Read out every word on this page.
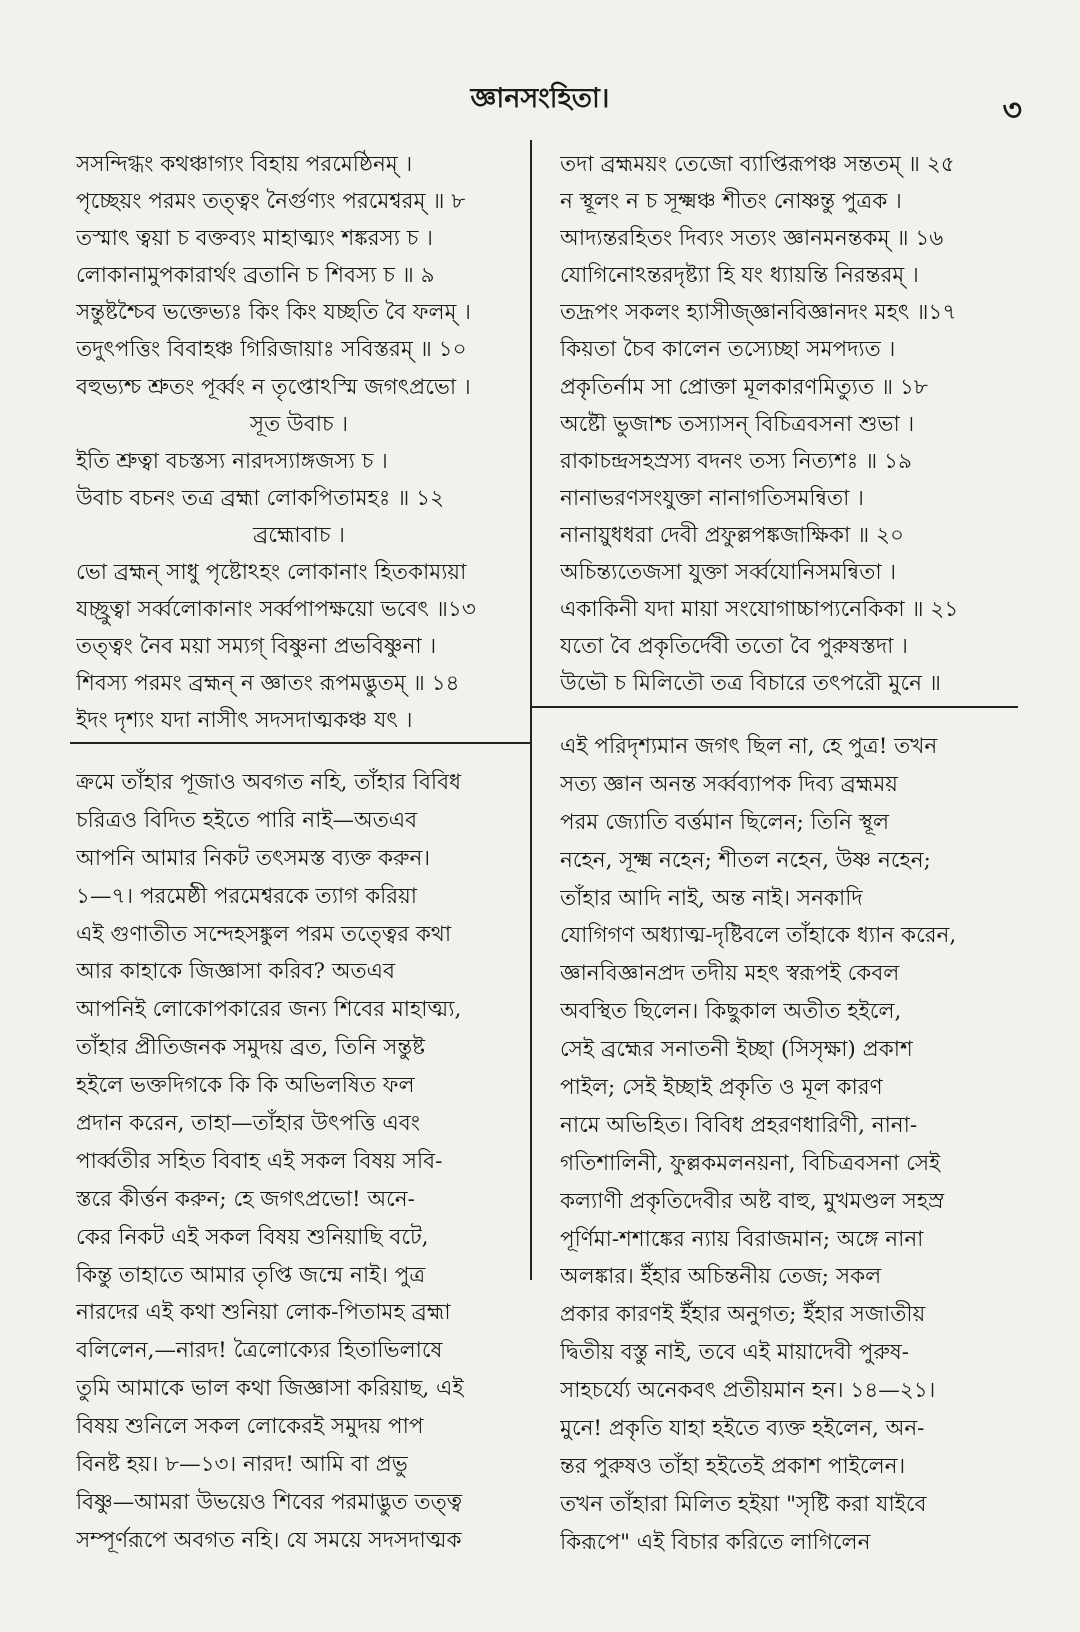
জ্ঞানসংহিতা।	৩
সসন্দিগ্ধং কথঞ্চাগ্যং বিহায় পরমেষ্ঠিনম্ ।
পৃচ্ছেয়ং পরমং তত্ত্বং নৈর্গুণ্যং পরমেশ্বরম্ ॥ ৮
তস্মাৎ ত্বয়া চ বক্তব্যং মাহাত্ম্যং শঙ্করস্য চ ।
লোকানামুপকারার্থং ব্রতানি চ শিবস্য চ ॥ ৯
সন্তুষ্টশ্চৈব ভক্তেভ্যঃ কিং কিং যচ্ছতি বৈ ফলম্ ।
তদুৎপত্তিং বিবাহঞ্চ গিরিজায়াঃ সবিস্তরম্ ॥ ১০
বহুভ্যশ্চ শ্রুতং পূর্ব্বং ন তৃপ্তোঽস্মি জগৎপ্রভো ।
সূত উবাচ ।
ইতি শ্রুত্বা বচস্তস্য নারদস্যাঙ্গজস্য চ ।
উবাচ বচনং তত্র ব্রহ্মা লোকপিতামহঃ ॥ ১২
ব্রহ্মোবাচ ।
ভো ব্রহ্মন্ সাধু পৃষ্টোঽহং লোকানাং হিতকাম্যয়া
যচ্ছ্রুত্বা সর্ব্বলোকানাং সর্ব্বপাপক্ষয়ো ভবেৎ ॥১৩
তত্ত্বং নৈব ময়া সম্যগ্ বিষ্ণুনা প্রভবিষ্ণুনা ।
শিবস্য পরমং ব্রহ্মন্ ন জ্ঞাতং রূপমদ্ভুতম্ ॥ ১৪
ইদং দৃশ্যং যদা নাসীৎ সদসদাত্মকঞ্চ যৎ ।
তদা ব্রহ্মময়ং তেজো ব্যাপ্তিরূপঞ্চ সন্ততম্ ॥ ২৫
ন স্থূলং ন চ সূক্ষ্মঞ্চ শীতং নোষ্ণন্তু পুত্রক ।
আদ্যন্তরহিতং দিব্যং সত্যং জ্ঞানমনন্তকম্ ॥ ১৬
যোগিনোঽন্তরদৃষ্ট্যা হি যং ধ্যায়ন্তি নিরন্তরম্ ।
তদ্রূপং সকলং হ্যাসীজ্জ্ঞানবিজ্ঞানদং মহৎ ॥১৭
কিয়তা চৈব কালেন তস্যেচ্ছা সমপদ্যত ।
প্রকৃতির্নাম সা প্রোক্তা মূলকারণমিত্যুত ॥ ১৮
অষ্টৌ ভুজাশ্চ তস্যাসন্ বিচিত্রবসনা শুভা ।
রাকাচন্দ্রসহস্রস্য বদনং তস্য নিত্যশঃ ॥ ১৯
নানাভরণসংযুক্তা নানাগতিসমন্বিতা ।
নানায়ুধধরা দেবী প্রফুল্লপঙ্কজাক্ষিকা ॥ ২০
অচিন্ত্যতেজসা যুক্তা সর্ব্বযোনিসমন্বিতা ।
একাকিনী যদা মায়া সংযোগাচ্চাপ্যনেকিকা ॥ ২১
যতো বৈ প্রকৃতির্দেবী ততো বৈ পুরুষস্তদা ।
উভৌ চ মিলিতৌ তত্র বিচারে তৎপরৌ মুনে ॥
ক্রমে তাঁহার পূজাও অবগত নহি, তাঁহার বিবিধ
চরিত্রও বিদিত হইতে পারি নাই—অতএব
আপনি আমার নিকট তৎসমস্ত ব্যক্ত করুন।
১—৭। পরমেষ্ঠী পরমেশ্বরকে ত্যাগ করিয়া
এই গুণাতীত সন্দেহসঙ্কুল পরম তত্ত্বের কথা
আর কাহাকে জিজ্ঞাসা করিব? অতএব
আপনিই লোকোপকারের জন্য শিবের মাহাত্ম্য,
তাঁহার প্রীতিজনক সমুদয় ব্রত, তিনি সন্তুষ্ট
হইলে ভক্তদিগকে কি কি অভিলষিত ফল
প্রদান করেন, তাহা—তাঁহার উৎপত্তি এবং
পার্ব্বতীর সহিত বিবাহ এই সকল বিষয় সবি-
স্তরে কীর্ত্তন করুন; হে জগৎপ্রভো! অনে-
কের নিকট এই সকল বিষয় শুনিয়াছি বটে,
কিন্তু তাহাতে আমার তৃপ্তি জন্মে নাই। পুত্র
নারদের এই কথা শুনিয়া লোক-পিতামহ ব্রহ্মা
বলিলেন,—নারদ! ত্রৈলোক্যের হিতাভিলাষে
তুমি আমাকে ভাল কথা জিজ্ঞাসা করিয়াছ, এই
বিষয় শুনিলে সকল লোকেরই সমুদয় পাপ
বিনষ্ট হয়। ৮—১৩। নারদ! আমি বা প্রভু
বিষ্ণু—আমরা উভয়েও শিবের পরমাদ্ভুত তত্ত্ব
সম্পূর্ণরূপে অবগত নহি। যে সময়ে সদসদাত্মক
এই পরিদৃশ্যমান জগৎ ছিল না, হে পুত্র! তখন
সত্য জ্ঞান অনন্ত সর্ব্বব্যাপক দিব্য ব্রহ্মময়
পরম জ্যোতি বর্ত্তমান ছিলেন; তিনি স্থূল
নহেন, সূক্ষ্ম নহেন; শীতল নহেন, উষ্ণ নহেন;
তাঁহার আদি নাই, অন্ত নাই। সনকাদি
যোগিগণ অধ্যাত্ম-দৃষ্টিবলে তাঁহাকে ধ্যান করেন,
জ্ঞানবিজ্ঞানপ্রদ তদীয় মহৎ স্বরূপই কেবল
অবস্থিত ছিলেন। কিছুকাল অতীত হইলে,
সেই ব্রহ্মের সনাতনী ইচ্ছা (সিসৃক্ষা) প্রকাশ
পাইল; সেই ইচ্ছাই প্রকৃতি ও মূল কারণ
নামে অভিহিত। বিবিধ প্রহরণধারিণী, নানা-
গতিশালিনী, ফুল্লকমলনয়না, বিচিত্রবসনা সেই
কল্যাণী প্রকৃতিদেবীর অষ্ট বাহু, মুখমণ্ডল সহস্র
পূর্ণিমা-শশাঙ্কের ন্যায় বিরাজমান; অঙ্গে নানা
অলঙ্কার। ইঁহার অচিন্তনীয় তেজ; সকল
প্রকার কারণই ইঁহার অনুগত; ইঁহার সজাতীয়
দ্বিতীয় বস্তু নাই, তবে এই মায়াদেবী পুরুষ-
সাহচর্য্যে অনেকবৎ প্রতীয়মান হন। ১৪—২১।
মুনে! প্রকৃতি যাহা হইতে ব্যক্ত হইলেন, অন-
ন্তর পুরুষও তাঁহা হইতেই প্রকাশ পাইলেন।
তখন তাঁহারা মিলিত হইয়া "সৃষ্টি করা যাইবে
কিরূপে" এই বিচার করিতে লাগিলেন
